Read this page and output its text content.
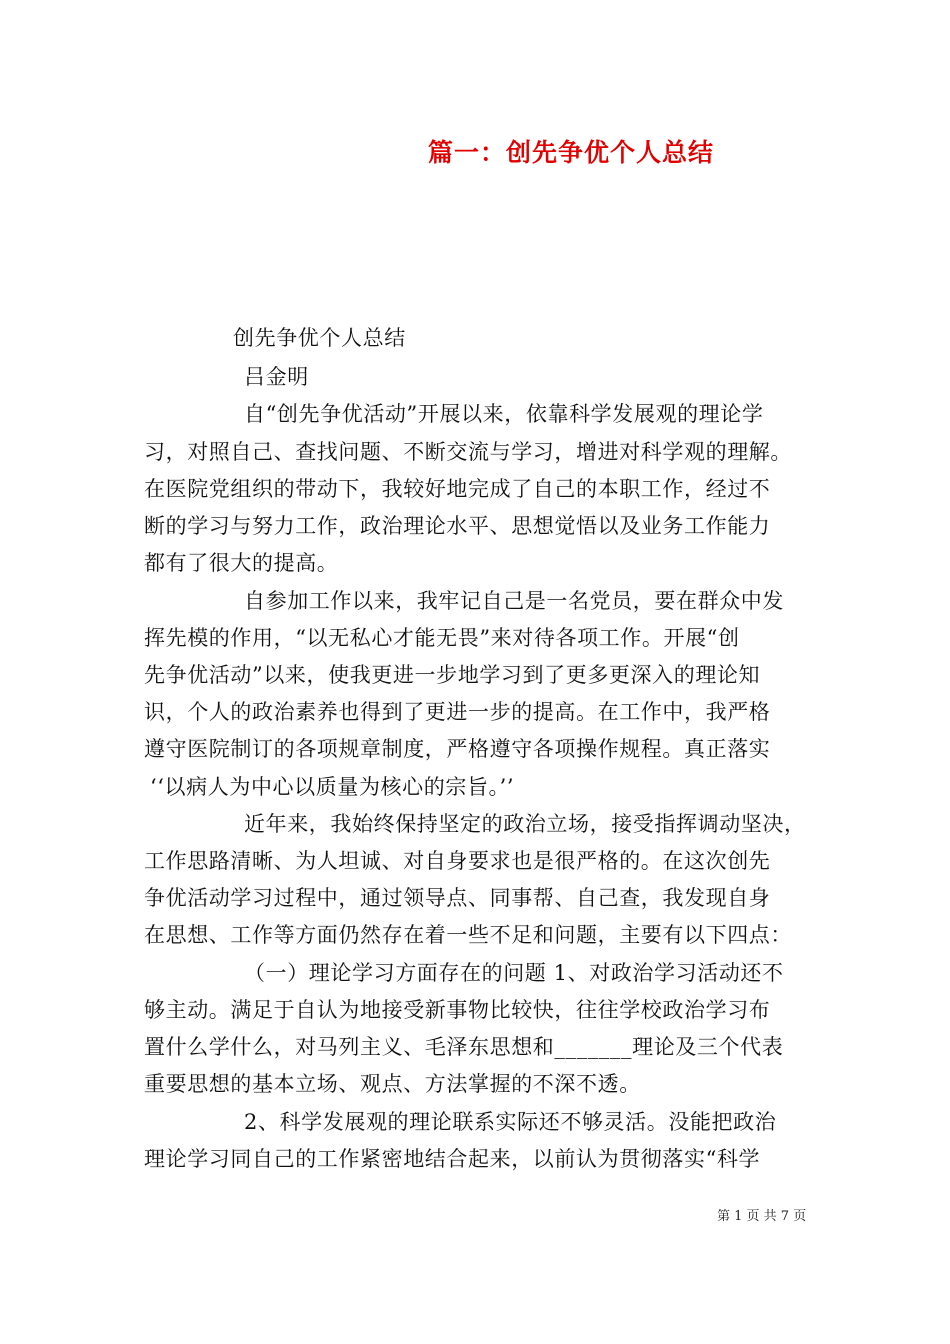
篇一：创先争优个人总结
创先争优个人总结
吕金明
自“创先争优活动”开展以来，依靠科学发展观的理论学
习，对照自己、查找问题、不断交流与学习，增进对科学观的理解。
在医院党组织的带动下，我较好地完成了自己的本职工作，经过不
断的学习与努力工作，政治理论水平、思想觉悟以及业务工作能力
都有了很大的提高。
自参加工作以来，我牢记自己是一名党员，要在群众中发
挥先模的作用，“以无私心才能无畏”来对待各项工作。开展“创
先争优活动”以来，使我更进一步地学习到了更多更深入的理论知
识，个人的政治素养也得到了更进一步的提高。在工作中，我严格
遵守医院制订的各项规章制度，严格遵守各项操作规程。真正落实
‘‘以病人为中心以质量为核心的宗旨。’’
近年来，我始终保持坚定的政治立场，接受指挥调动坚决，
工作思路清晰、为人坦诚、对自身要求也是很严格的。在这次创先
争优活动学习过程中，通过领导点、同事帮、自己查，我发现自身
在思想、工作等方面仍然存在着一些不足和问题，主要有以下四点：
（一）理论学习方面存在的问题 1、对政治学习活动还不
够主动。满足于自认为地接受新事物比较快，往往学校政治学习布
置什么学什么，对马列主义、毛泽东思想和_______理论及三个代表
重要思想的基本立场、观点、方法掌握的不深不透。
2、科学发展观的理论联系实际还不够灵活。没能把政治
理论学习同自己的工作紧密地结合起来，以前认为贯彻落实“科学
第 1 页 共 7 页
